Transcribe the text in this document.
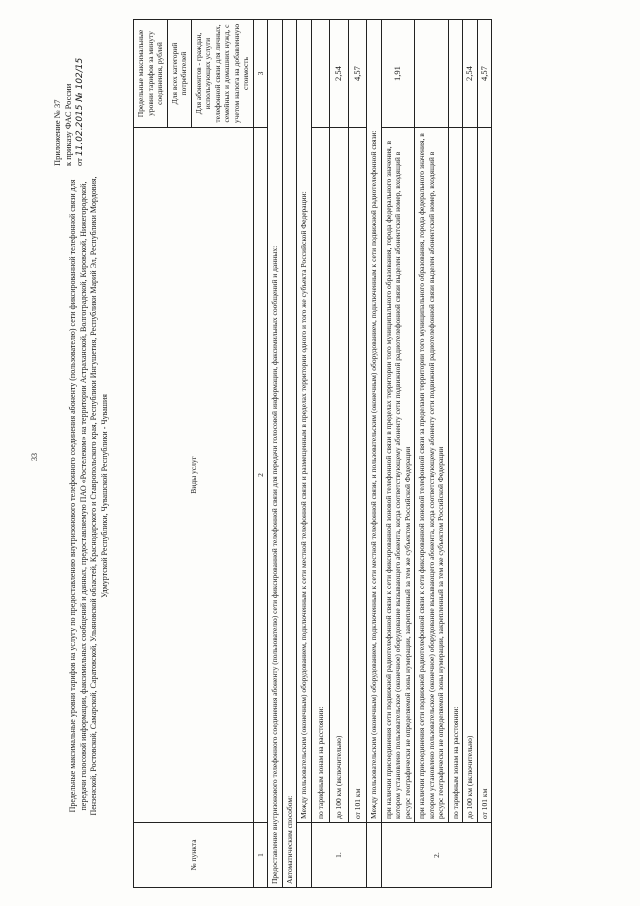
33
Приложение № 37 к приказу ФАС России от 11.02.2015 № 102/15
Предельные максимальные уровни тарифов на услугу по предоставлению внутризонового телефонного соединения абоненту (пользователю) сети фиксированной телефонной связи для передачи голосовой информации, факсимильных сообщений и данных, предоставляемую ПАО «Ростелеком» на территории Астраханской, Волгоградской, Кировской, Нижегородской, Пензенской, Ростовской, Самарской, Саратовской, Ульяновской областей, Краснодарского и Ставропольского края, Республики Ингушетия, Республики Марий Эл, Республики Мордовия, Удмуртской Республики, Чувашской Республики - Чувашия
№ пункта	Виды услуг	Предельные максимальные уровни тарифов за минуту соединения, рублей
		Для всех категорий потребителей
		Для абонентов - граждан, использующих услуги телефонной связи для личных, семейных и домашних нужд, с учетом налога на добавленную стоимость
1	2	3
Предоставление внутризонового телефонного соединения абоненту (пользователю) сети фиксированной телефонной связи для передачи голосовой информации, факсимильных сообщений и данных:		
Автоматическим способом:		
	Между пользовательским (оконечным) оборудованием, подключенным к сети местной телефонной связи и размещенным в пределах территории одного и того же субъекта Российской Федерации:	
1.	по тарифным зонам на расстоянии:	
	до 100 км (включительно)	2,54
	от 101 км	4,57
	Между пользовательским (оконечным) оборудованием, подключенным к сети местной телефонной связи, и пользовательским (оконечным) оборудованием, подключенным к сети подвижной радиотелефонной связи:	
2.	при наличии присоединения сети подвижной радиотелефонной связи к сети фиксированной зоновой телефонной связи в пределах территории того муниципального образования, города федерального значения, в котором установлено пользовательское (оконечное) оборудование вызывающего абонента, когда соответствующему абоненту сети подвижной радиотелефонной связи выделен абонентский номер, входящий в ресурс географически не определяемой зоны нумерации, закрепленный за тем же субъектом Российской Федерации	1,91
	при наличии присоединения сети подвижной радиотелефонной связи к сети фиксированной зоновой телефонной связи за пределами территории того муниципального образования, города федерального значения, в котором установлено пользовательское (оконечное) оборудование вызывающего абонента, когда соответствующему абоненту сети подвижной радиотелефонной связи выделен абонентский номер, входящий в ресурс географически не определяемой зоны нумерации, закрепленный за тем же субъектом Российской Федерации	
	по тарифным зонам на расстоянии:	
	до 100 км (включительно)	2,54
	от 101 км	4,57
